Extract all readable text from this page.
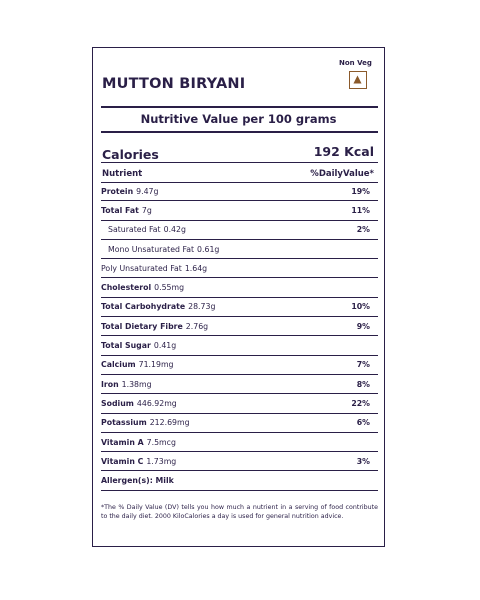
MUTTON BIRYANI
Non Veg
Nutritive Value per 100 grams
Calories	192 Kcal
Nutrient	%DailyValue*
Protein 9.47g	19%
Total Fat 7g	11%
Saturated Fat 0.42g	2%
Mono Unsaturated Fat 0.61g
Poly Unsaturated Fat 1.64g
Cholesterol 0.55mg
Total Carbohydrate 28.73g	10%
Total Dietary Fibre 2.76g	9%
Total Sugar 0.41g
Calcium 71.19mg	7%
Iron 1.38mg	8%
Sodium 446.92mg	22%
Potassium 212.69mg	6%
Vitamin A 7.5mcg
Vitamin C 1.73mg	3%
Allergen(s): Milk
*The % Daily Value (DV) tells you how much a nutrient in a serving of food contribute to the daily diet. 2000 KiloCalories a day is used for general nutrition advice.
